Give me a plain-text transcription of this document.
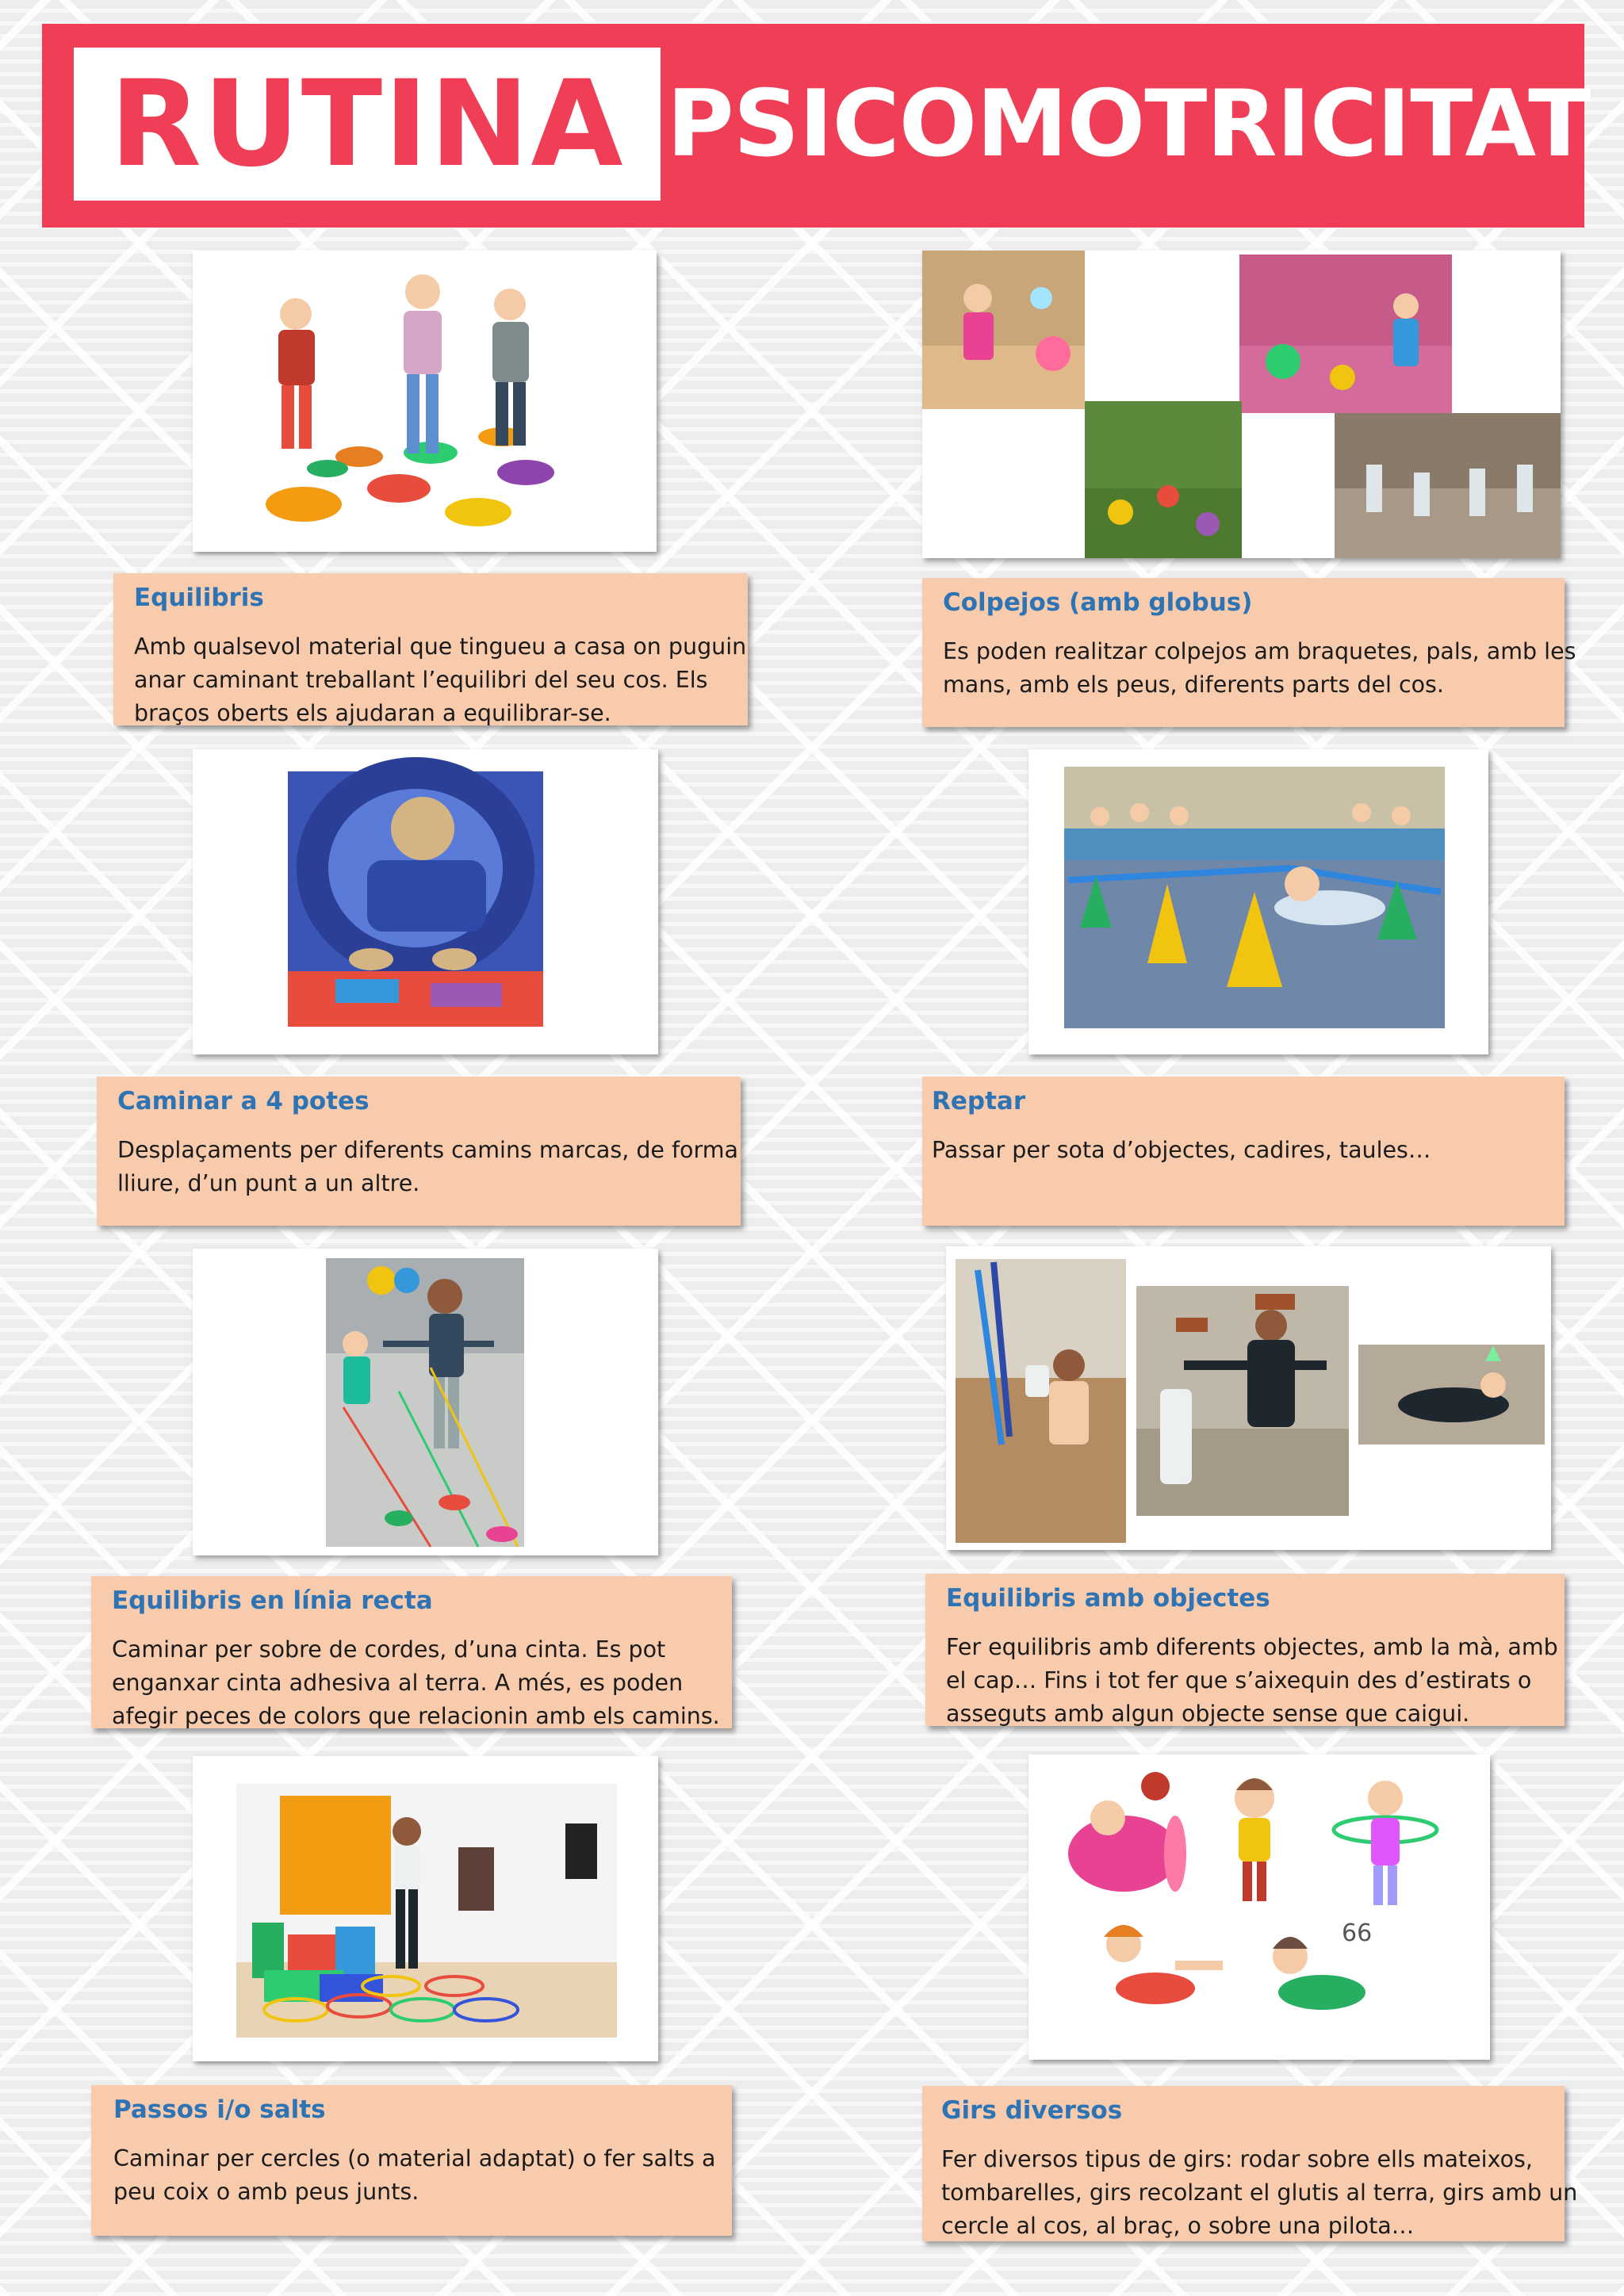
RUTINA PSICOMOTRICITAT
Equilibris
Amb qualsevol material que tingueu a casa on puguin
anar caminant treballant l’equilibri del seu cos. Els
braços oberts els ajudaran a equilibrar-se.
Colpejos (amb globus)
Es poden realitzar colpejos am braquetes, pals, amb les
mans, amb els peus, diferents parts del cos.
Caminar a 4 potes
Desplaçaments per diferents camins marcas, de forma
lliure, d’un punt a un altre.
Reptar
Passar per sota d’objectes, cadires, taules…
Equilibris en línia recta
Caminar per sobre de cordes, d’una cinta. Es pot
enganxar cinta adhesiva al terra. A més, es poden
afegir peces de colors que relacionin amb els camins.
Equilibris amb objectes
Fer equilibris amb diferents objectes, amb la mà, amb
el cap… Fins i tot fer que s’aixequin des d’estirats o
asseguts amb algun objecte sense que caigui.
66
Passos i/o salts
Caminar per cercles (o material adaptat) o fer salts a
peu coix o amb peus junts.
Girs diversos
Fer diversos tipus de girs: rodar sobre ells mateixos,
tombarelles, girs recolzant el glutis al terra, girs amb un
cercle al cos, al braç, o sobre una pilota…
